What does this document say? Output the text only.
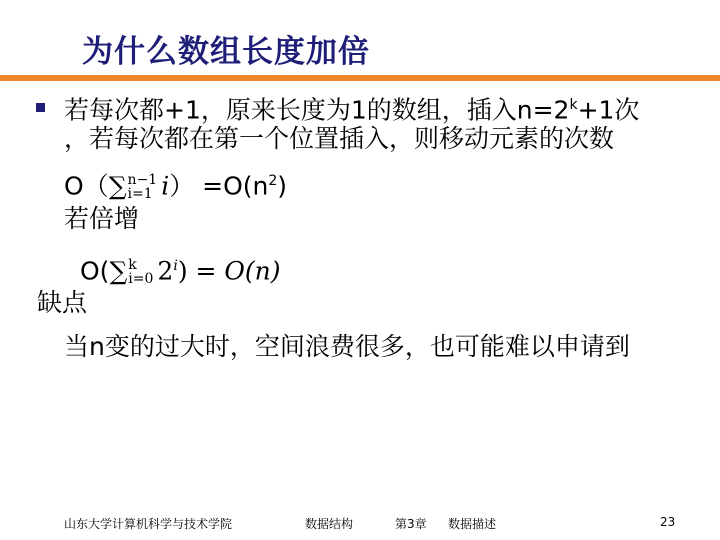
为什么数组长度加倍
若每次都+1，原来长度为1的数组，插入$n=2^k+1$次
，若每次都在第一个位置插入，则移动元素的次数
O（∑ n−1
i=1 $i) =O(n^2)$
若倍增
O(∑ k
i=0 $2^i) = O(n)$
缺点
当n变的过大时，空间浪费很多，也可能难以申请到
山东大学计算机科学与技术学院	数据结构	第3章 数据描述	23
